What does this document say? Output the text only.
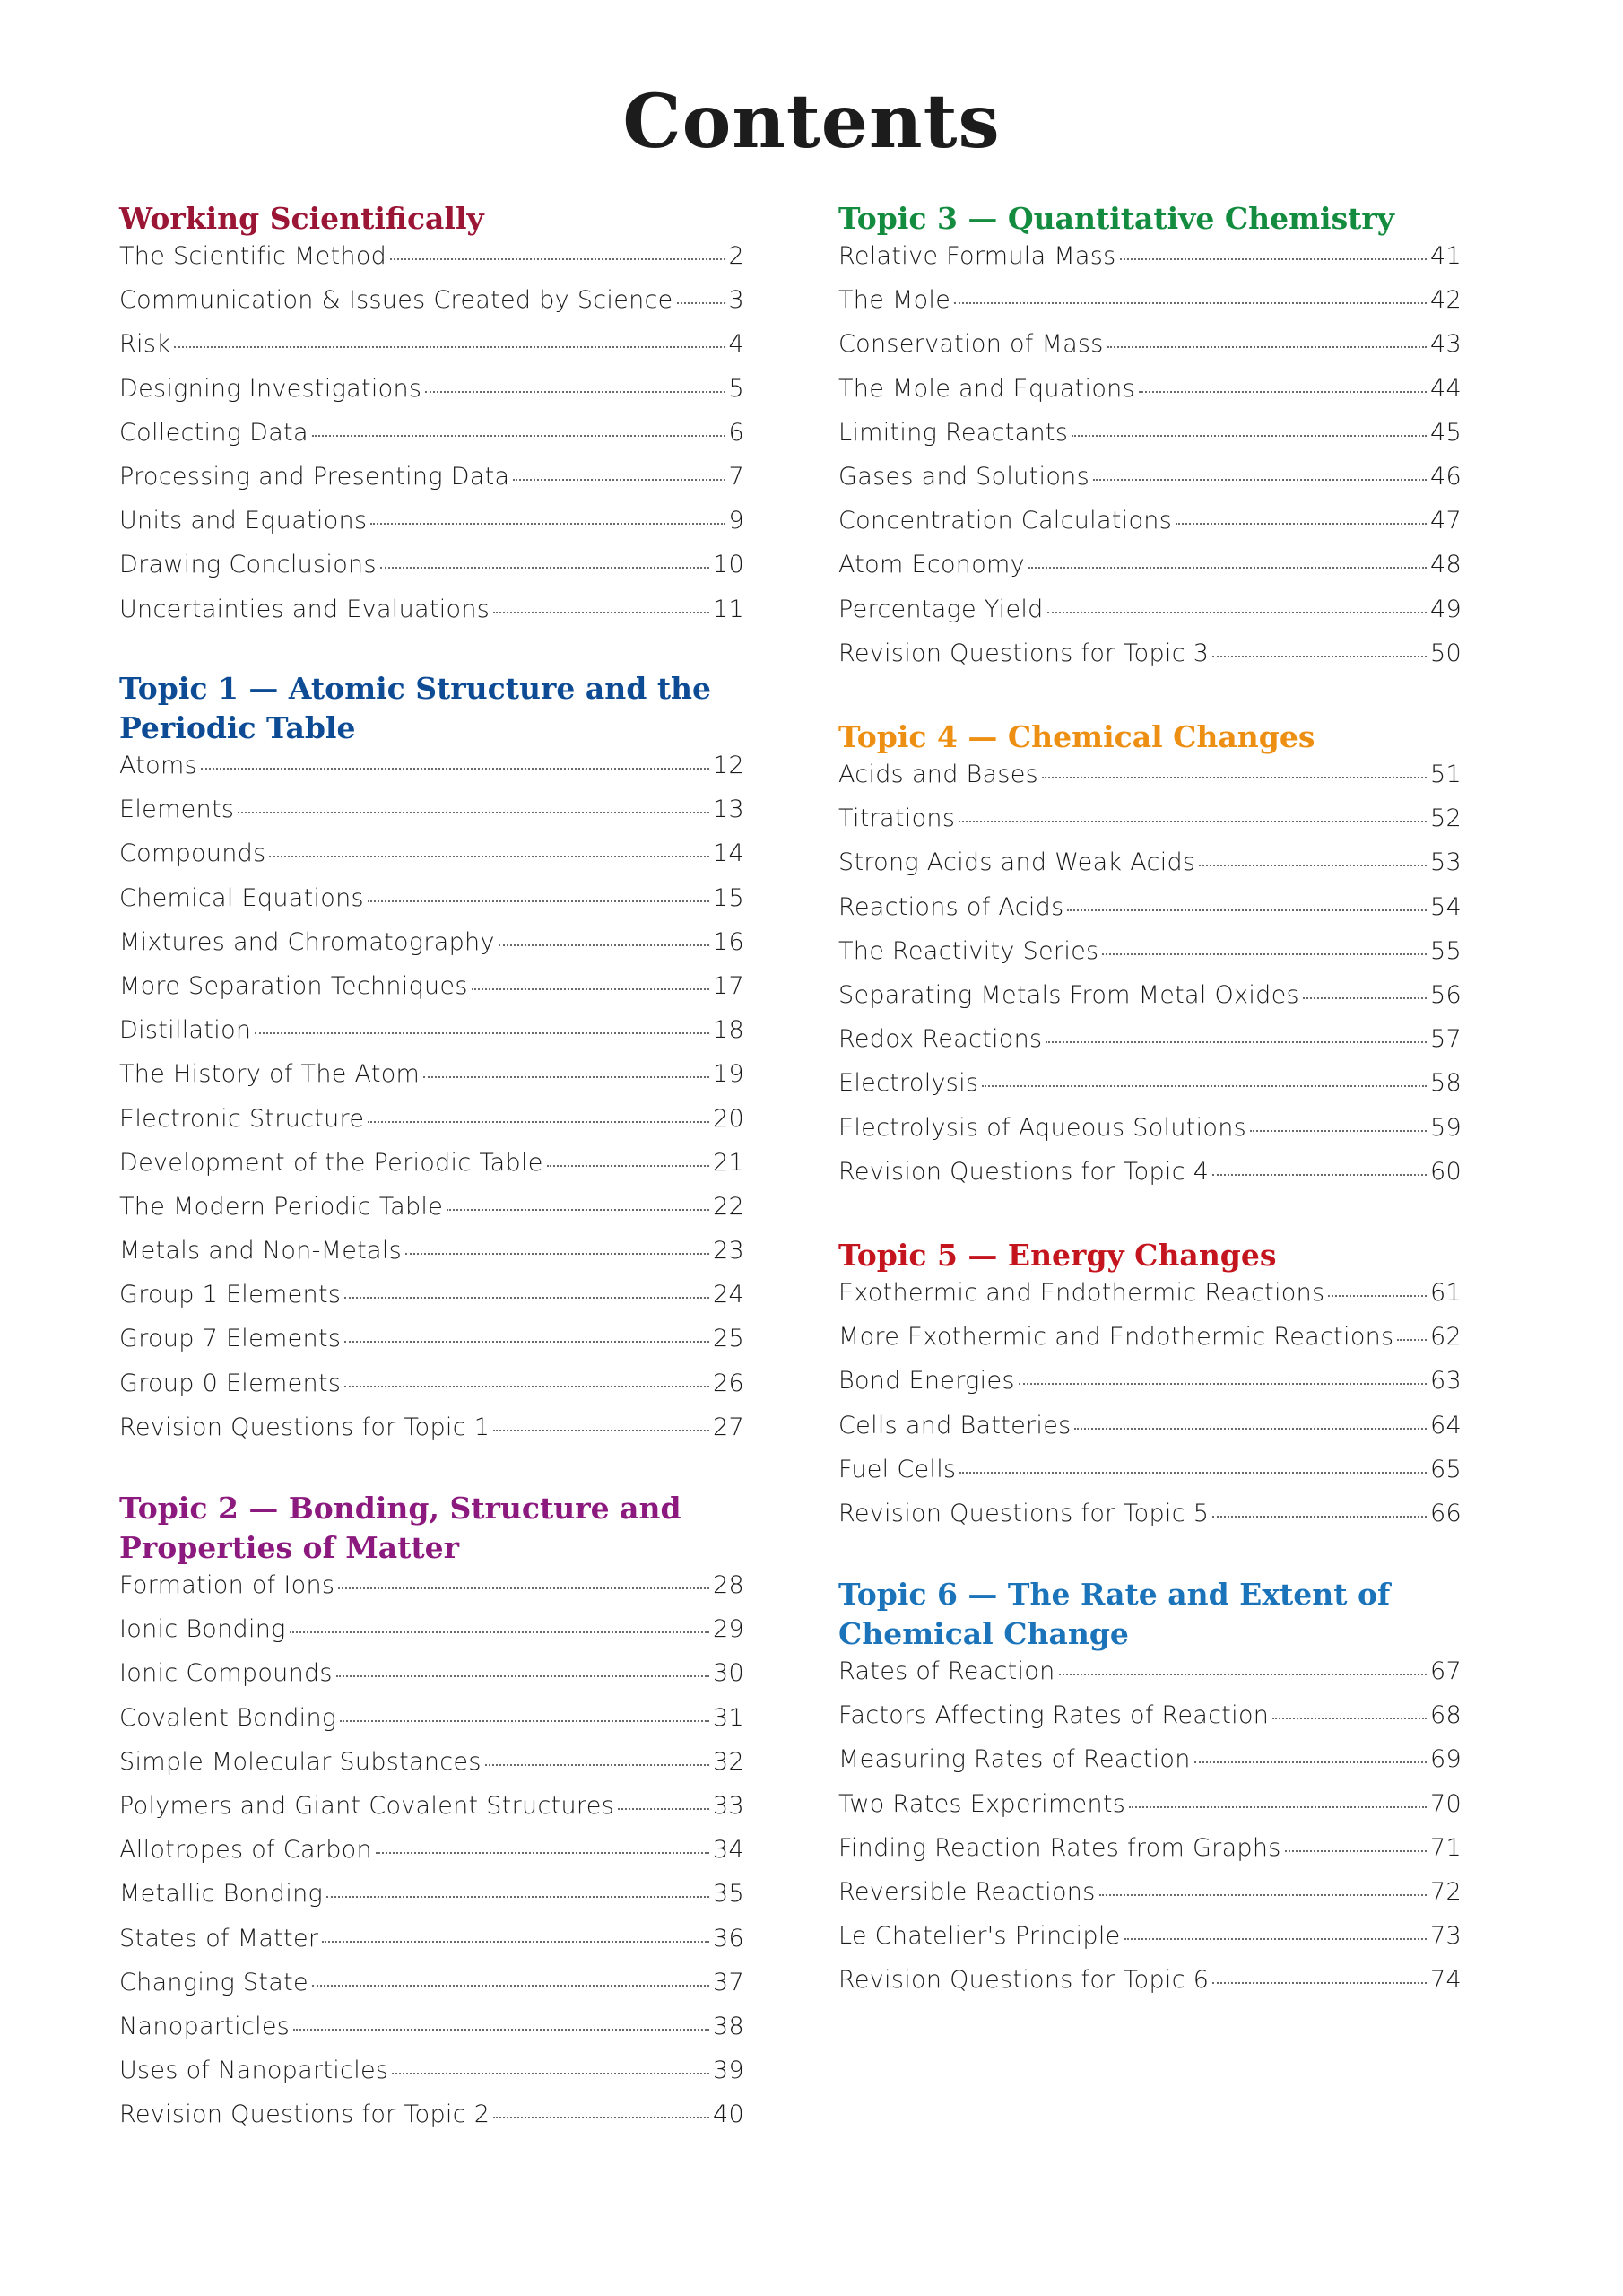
Contents
Working Scientifically
The Scientific Method	2
Communication & Issues Created by Science 3
Risk	4
Designing Investigations	5
Collecting Data	6
Processing and Presenting Data	7
Units and Equations	9
Drawing Conclusions	10
Uncertainties and Evaluations	11
Topic 1 — Atomic Structure and the
Periodic Table
Atoms	12
Elements	13
Compounds	14
Chemical Equations	15
Mixtures and Chromatography	16
More Separation Techniques	17
Distillation	18
The History of The Atom	19
Electronic Structure	20
Development of the Periodic Table	21
The Modern Periodic Table	22
Metals and Non-Metals	23
Group 1 Elements	24
Group 7 Elements	25
Group 0 Elements	26
Revision Questions for Topic 1	27
Topic 2 — Bonding, Structure and
Properties of Matter
Formation of Ions	28
Ionic Bonding	29
Ionic Compounds	30
Covalent Bonding	31
Simple Molecular Substances	32
Polymers and Giant Covalent Structures	33
Allotropes of Carbon	34
Metallic Bonding	35
States of Matter	36
Changing State	37
Nanoparticles	38
Uses of Nanoparticles	39
Revision Questions for Topic 2	40
Topic 3 — Quantitative Chemistry
Relative Formula Mass	41
The Mole	42
Conservation of Mass	43
The Mole and Equations	44
Limiting Reactants	45
Gases and Solutions	46
Concentration Calculations	47
Atom Economy	48
Percentage Yield	49
Revision Questions for Topic 3	50
Topic 4 — Chemical Changes
Acids and Bases	51
Titrations	52
Strong Acids and Weak Acids	53
Reactions of Acids	54
The Reactivity Series	55
Separating Metals From Metal Oxides	56
Redox Reactions	57
Electrolysis	58
Electrolysis of Aqueous Solutions	59
Revision Questions for Topic 4	60
Topic 5 — Energy Changes
Exothermic and Endothermic Reactions	61
More Exothermic and Endothermic Reactions 62
Bond Energies	63
Cells and Batteries	64
Fuel Cells	65
Revision Questions for Topic 5	66
Topic 6 — The Rate and Extent of
Chemical Change
Rates of Reaction	67
Factors Affecting Rates of Reaction	68
Measuring Rates of Reaction	69
Two Rates Experiments	70
Finding Reaction Rates from Graphs	71
Reversible Reactions	72
Le Chatelier's Principle	73
Revision Questions for Topic 6	74
